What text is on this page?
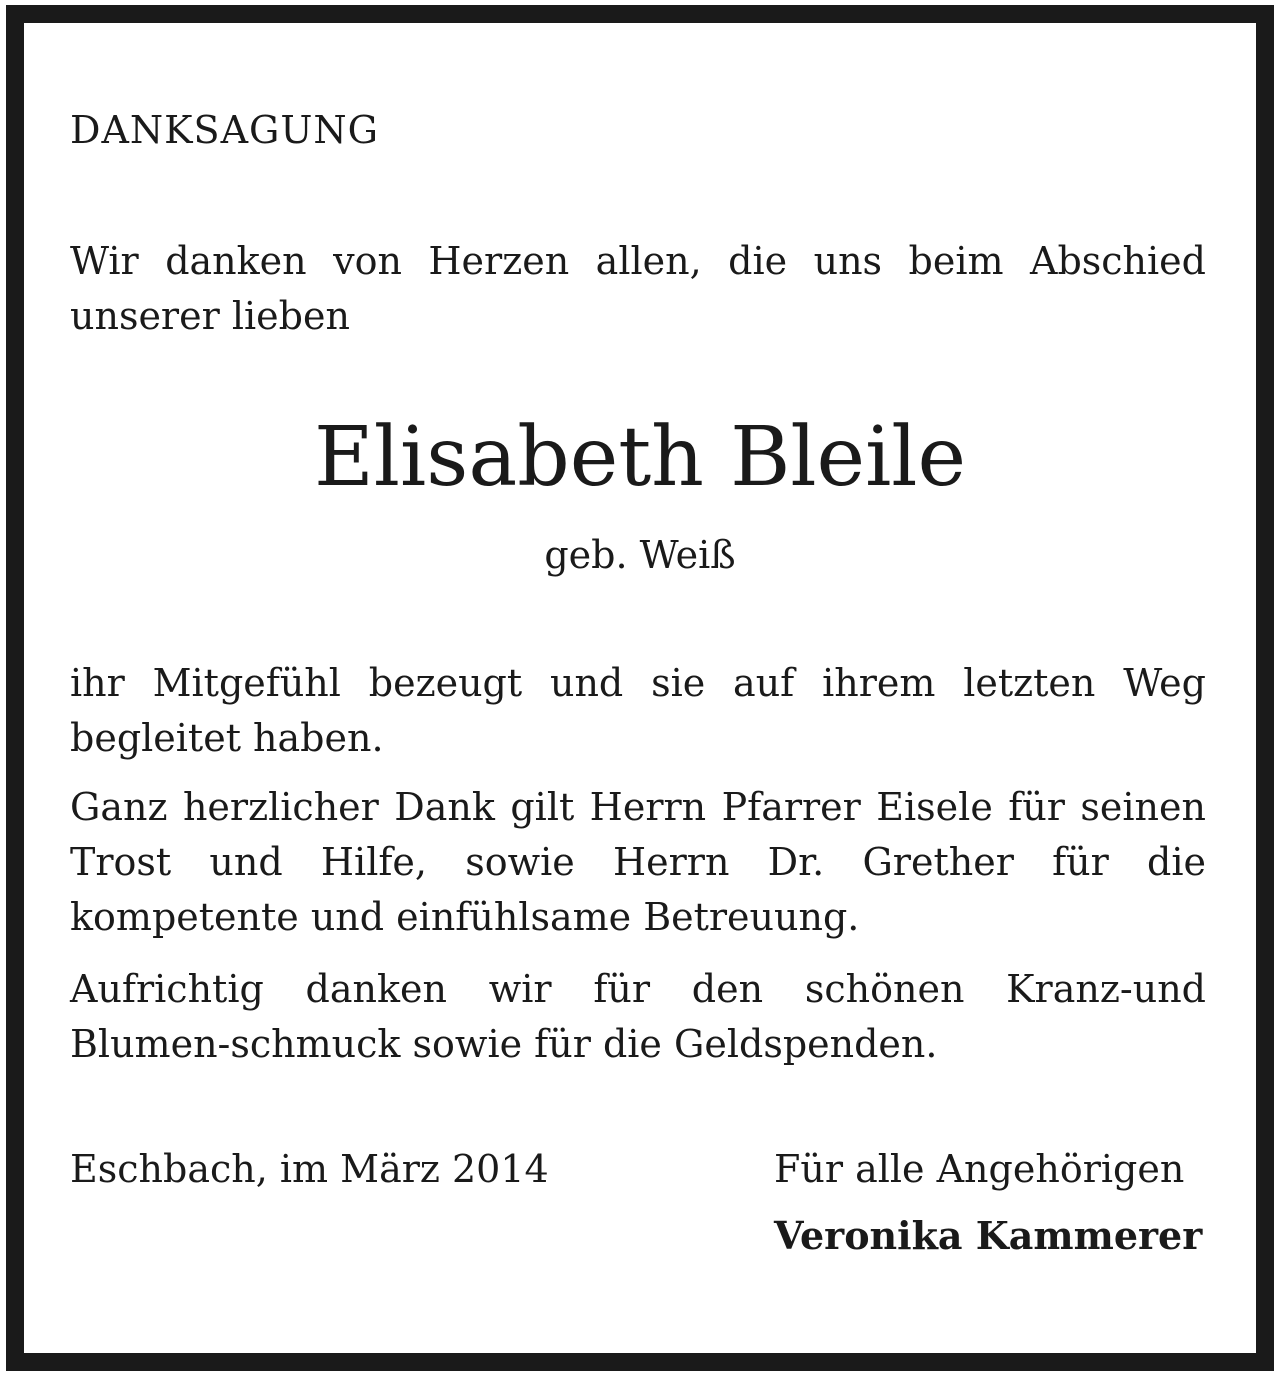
DANKSAGUNG
Wir danken von Herzen allen, die uns beim Abschied unserer lieben
Elisabeth Bleile
geb. Weiß
ihr Mitgefühl bezeugt und sie auf ihrem letzten Weg begleitet haben.
Ganz herzlicher Dank gilt Herrn Pfarrer Eisele für seinen Trost und Hilfe, sowie Herrn Dr. Grether für die kompetente und einfühlsame Betreuung.
Aufrichtig danken wir für den schönen Kranz-und Blumen-schmuck sowie für die Geldspenden.
Eschbach, im März 2014	Für alle Angehörigen
Veronika Kammerer
